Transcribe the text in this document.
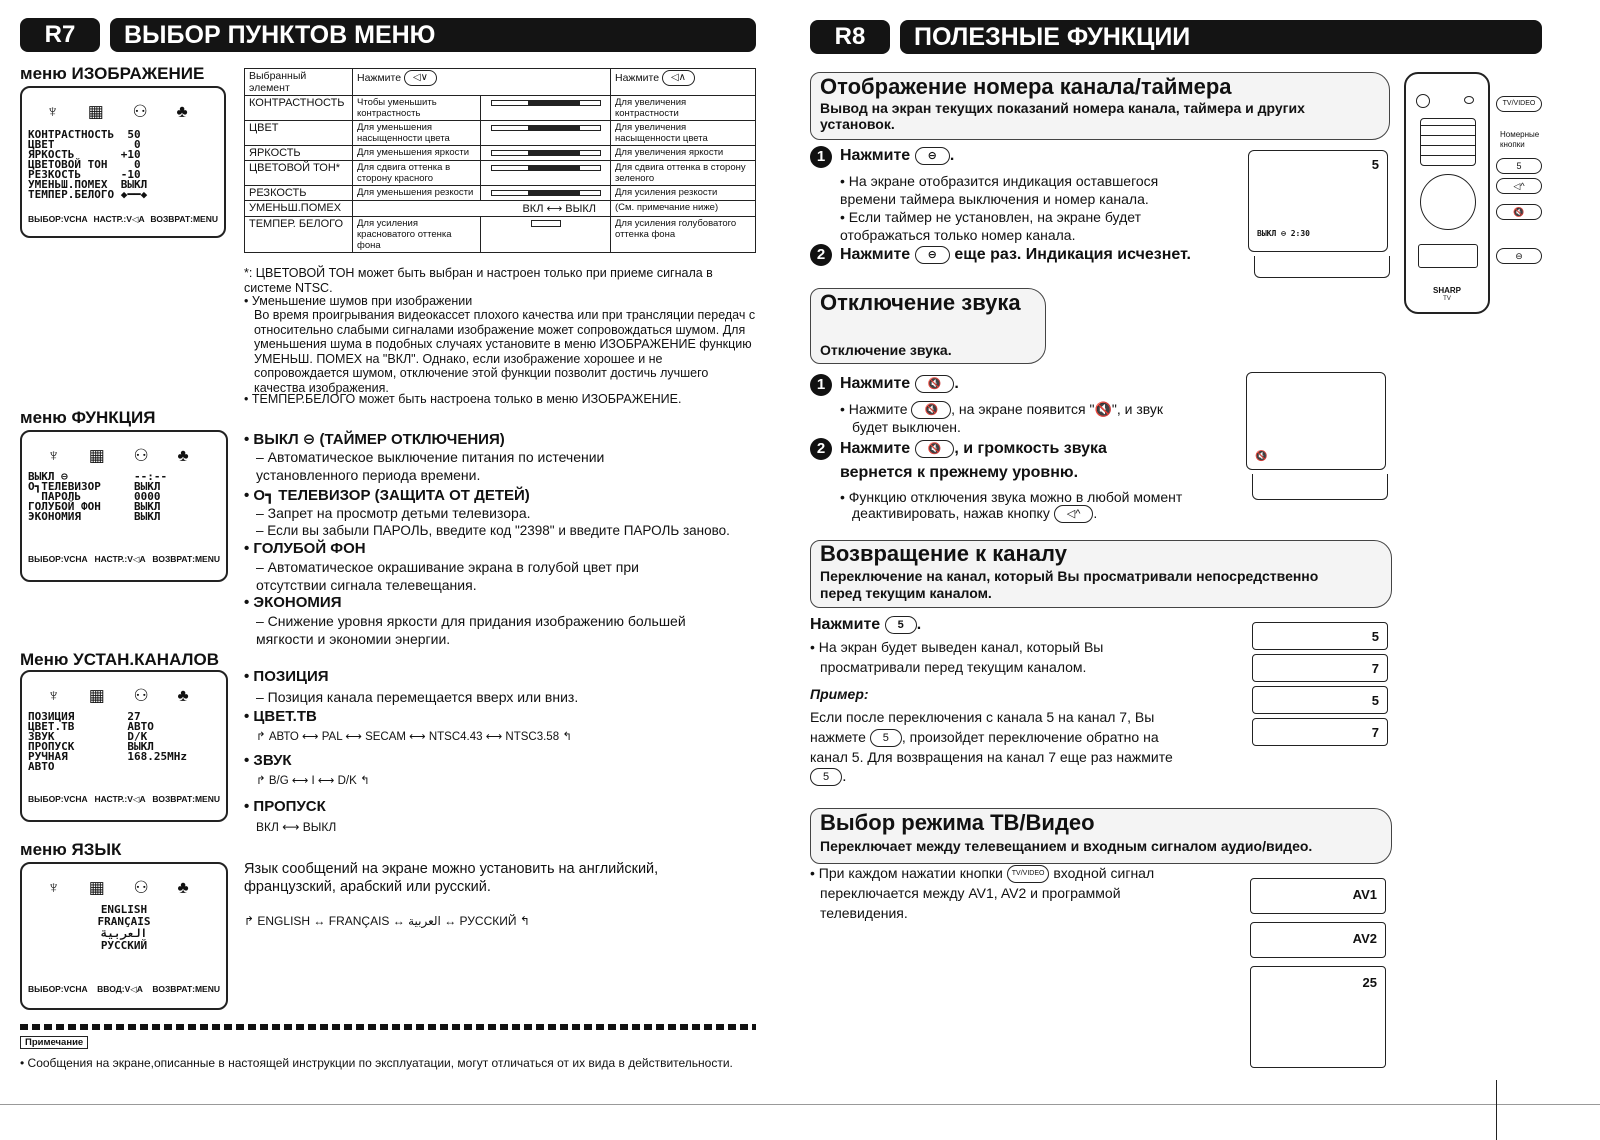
R7	ВЫБОР ПУНКТОВ МЕНЮ
меню ИЗОБРАЖЕНИЕ
♆ ▦ ⚇ ♣
КОНТРАСТНОСТЬ  50
ЦВЕТ            0
ЯРКОСТЬ       +10
ЦВЕТОВОЙ ТОН    0
РЕЗКОСТЬ      -10
УМЕНЬШ.ПОМЕХ  ВЫКЛ
ТЕМПЕР.БЕЛОГО ◆━━◆
ВЫБОР:VCHA НАСТР.:V◁A ВОЗВРАТ:MENU
Выбранный элемент	Нажмите ◁∨		Нажмите ◁∧
КОНТРАСТНОСТЬ	Чтобы уменьшить контрастность		Для увеличения контрастности
ЦВЕТ	Для уменьшения насыщенности цвета		Для увеличения насыщенности цвета
ЯРКОСТЬ	Для уменьшения яркости		Для увеличения яркости
ЦВЕТОВОЙ ТОН*	Для сдвига оттенка в сторону красного		Для сдвига оттенка в сторону зеленого
РЕЗКОСТЬ	Для уменьшения резкости		Для усиления резкости
УМЕНЬШ.ПОМЕХ	ВКЛ ⟷ ВЫКЛ		(См. примечание ниже)
ТЕМПЕР. БЕЛОГО	Для усиления красноватого оттенка фона		Для усиления голубоватого оттенка фона
*: ЦВЕТОВОЙ ТОН может быть выбран и настроен только при приеме сигнала в системе NTSC.
• Уменьшение шумов при изображении
Во время проигрывания видеокассет плохого качества или при трансляции передач с относительно слабыми сигналами изображение может сопровождаться шумом. Для уменьшения шума в подобных случаях установите в меню ИЗОБРАЖЕНИЕ функцию УМЕНЬШ. ПОМЕХ на "ВКЛ". Однако, если изображение хорошее и не сопровождается шумом, отключение этой функции позволит достичь лучшего качества изображения.
• ТЕМПЕР.БЕЛОГО может быть настроена только в меню ИЗОБРАЖЕНИЕ.
меню ФУНКЦИЯ
♆ ▦ ⚇ ♣
ВЫКЛ ⊖          --:--
О┓ТЕЛЕВИЗОР     ВЫКЛ
ПАРОЛЬ        0000
ГОЛУБОЙ ФОН     ВЫКЛ
ЭКОНОМИЯ        ВЫКЛ
ВЫБОР:VCHA НАСТР.:V◁A ВОЗВРАТ:MENU
• ВЫКЛ ⊖ (ТАЙМЕР ОТКЛЮЧЕНИЯ)
– Автоматическое выключение питания по истечении
установленного периода времени.
• О┓ ТЕЛЕВИЗОР (ЗАЩИТА ОТ ДЕТЕЙ)
– Запрет на просмотр детьми телевизора.
– Если вы забыли ПАРОЛЬ, введите код "2398" и введите ПАРОЛЬ заново.
• ГОЛУБОЙ ФОН
– Автоматическое окрашивание экрана в голубой цвет при
отсутствии сигнала телевещания.
• ЭКОНОМИЯ
– Снижение уровня яркости для придания изображению большей
мягкости и экономии энергии.
Меню УСТАН.КАНАЛОВ
♆ ▦ ⚇ ♣
ПОЗИЦИЯ        27
ЦВЕТ.ТВ        АВТО
ЗВУК           D/K
ПРОПУСК        ВЫКЛ
РУЧНАЯ         168.25MHz
АВТО
ВЫБОР:VCHA НАСТР.:V◁A ВОЗВРАТ:MENU
• ПОЗИЦИЯ
– Позиция канала перемещается вверх или вниз.
• ЦВЕТ.ТВ
↱ АВТО ⟷ PAL ⟷ SECAM ⟷ NTSC4.43 ⟷ NTSC3.58 ↰
• ЗВУК
↱ B/G ⟷ I ⟷ D/K ↰
• ПРОПУСК
ВКЛ ⟷ ВЫКЛ
меню ЯЗЫК
♆ ▦ ⚇ ♣
ENGLISH
FRANÇAIS
العربية
РУССКИЙ
ВЫБОР:VCHA ВВОД:V◁A ВОЗВРАТ:MENU
Язык сообщений на экране можно установить на английский,
французский, арабский или русский.
↱ ENGLISH ↔ FRANÇAIS ↔ العربية ↔ РУССКИЙ ↰
Примечание
• Сообщения на экране,описанные в настоящей инструкции по эксплуатации, могут отличаться от их вида в действительности.
R8	ПОЛЕЗНЫЕ ФУНКЦИИ
Отображение номера канала/таймера
Вывод на экран текущих показаний номера канала, таймера и других установок.
1 Нажмите ⊖ .
• На экране отобразится индикация оставшегося
времени таймера выключения и номер канала.
• Если таймер не установлен, на экране будет
отображаться только номер канала.
2 Нажмите ⊖ еще раз. Индикация исчезнет.
5
ВЫКЛ ⊖ 2:30
SHARP
TV
TV/VIDEO
Номерные
кнопки
5
◁^
🔇
⊖
Отключение звука
Отключение звука.
1 Нажмите 🔇 .
• Нажмите 🔇 , на экране появится "🔇", и звук
будет выключен.
2 Нажмите 🔇 , и громкость звука
вернется к прежнему уровню.
• Функцию отключения звука можно в любой момент
деактивировать, нажав кнопку ◁^ .
🔇
Возвращение к каналу
Переключение на канал, который Вы просматривали непосредственно
перед текущим каналом.
Нажмите 5 .
• На экран будет выведен канал, который Вы
просматривали перед текущим каналом.
Пример:
Если после переключения с канала 5 на канал 7, Вы
нажмете 5 , произойдет переключение обратно на
канал 5. Для возвращения на канал 7 еще раз нажмите
5 .
5
7
5
7
Выбор режима ТВ/Видео
Переключает между телевещанием и входным сигналом аудио/видео.
• При каждом нажатии кнопки TV/VIDEO входной сигнал
переключается между AV1, AV2 и программой
телевидения.
AV1
AV2
25
